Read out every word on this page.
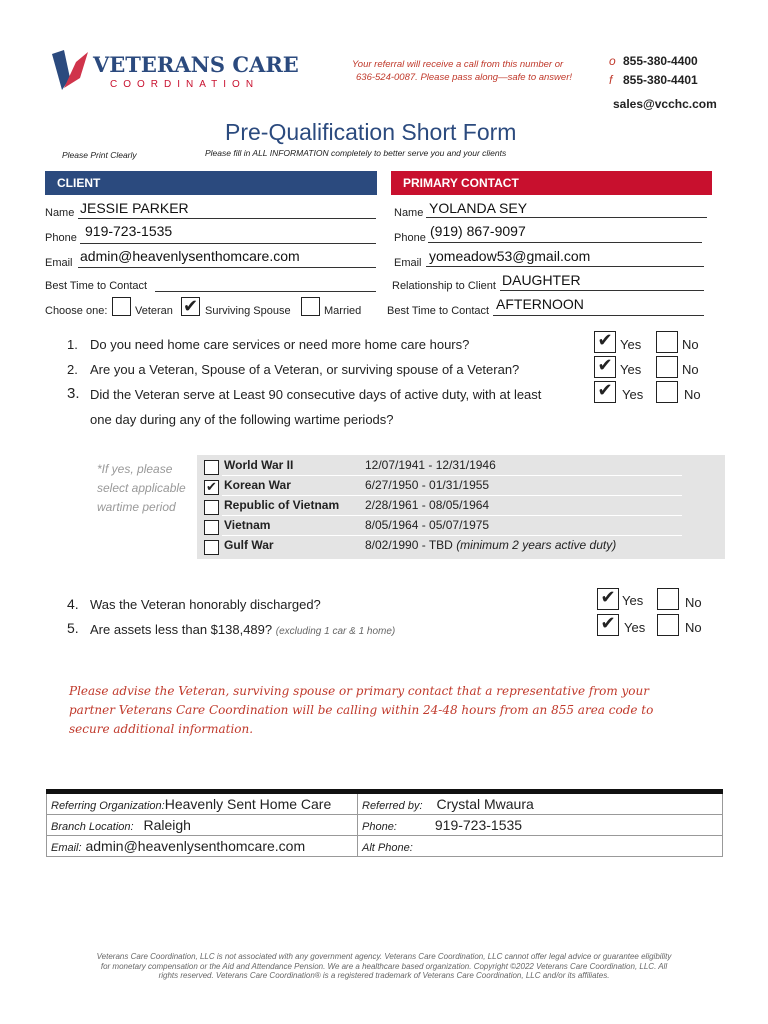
VETERANS CARE
COORDINATION
Your referral will receive a call from this number or
636-524-0087. Please pass along—safe to answer!
o 855-380-4400
f 855-380-4401
sales@vcchc.com
Pre-Qualification Short Form
Please Print Clearly	Please fill in ALL INFORMATION completely to better serve you and your clients
CLIENT	PRIMARY CONTACT
Name JESSIE PARKER
Phone 919-723-1535
Email admin@heavenlysenthomcare.com
Best Time to Contact
Choose one:	Veteran ✔ Surviving Spouse	Married
Name YOLANDA SEY
Phone (919) 867-9097
Email yomeadow53@gmail.com
Relationship to Client DAUGHTER
Best Time to Contact AFTERNOON
1. Do you need home care services or need more home care hours?
2. Are you a Veteran, Spouse of a Veteran, or surviving spouse of a Veteran?
3. Did the Veteran serve at Least 90 consecutive days of active duty, with at least
one day during any of the following wartime periods?
✔ Yes	No
✔ Yes	No
✔ Yes	No
*If yes, please
select applicable
wartime period
World War II	12/07/1941 - 12/31/1946
✔ Korean War	6/27/1950 - 01/31/1955
Republic of Vietnam 2/28/1961 - 08/05/1964
Vietnam	8/05/1964 - 05/07/1975
Gulf War	8/02/1990 - TBD (minimum 2 years active duty)
4. Was the Veteran honorably discharged?
5. Are assets less than $138,489? (excluding 1 car & 1 home)
✔ Yes	No
✔ Yes	No
Please advise the Veteran, surviving spouse or primary contact that a representative from your
partner Veterans Care Coordination will be calling within 24-48 hours from an 855 area code to
secure additional information.
Referring Organization:Heavenly Sent Home Care	Referred by: Crystal Mwaura
Branch Location: Raleigh	Phone: 919-723-1535
Email: admin@heavenlysenthomcare.com	Alt Phone:
Veterans Care Coordination, LLC is not associated with any government agency. Veterans Care Coordination, LLC cannot offer legal advice or guarantee eligibility
for monetary compensation or the Aid and Attendance Pension. We are a healthcare based organization. Copyright ©2022 Veterans Care Coordination, LLC. All
rights reserved. Veterans Care Coordination® is a registered trademark of Veterans Care Coordination, LLC and/or its affiliates.
